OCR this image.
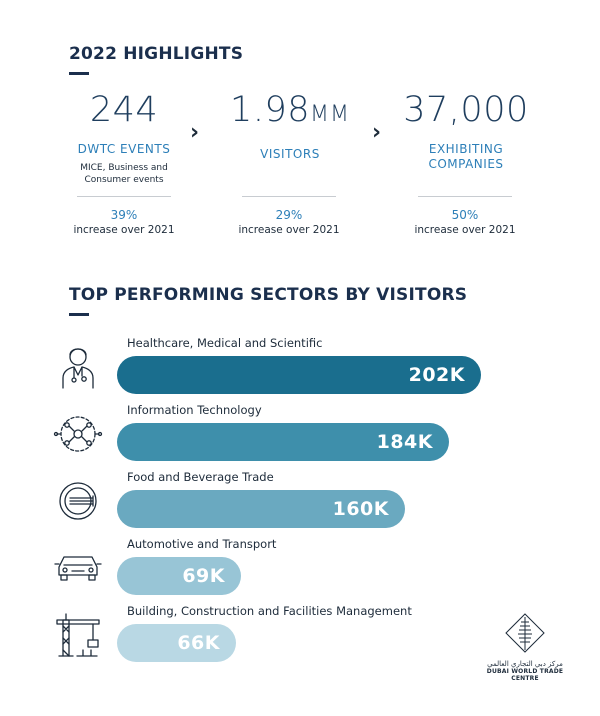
2022 HIGHLIGHTS
244
DWTC EVENTS
MICE, Business and Consumer events
39%
increase over 2021
›
1.98MM
VISITORS
29%
increase over 2021
›
37,000
EXHIBITING COMPANIES
50%
increase over 2021
TOP PERFORMING SECTORS BY VISITORS
Healthcare, Medical and Scientific
202K
Information Technology
184K
Food and Beverage Trade
160K
Automotive and Transport
69K
Building, Construction and Facilities Management
66K
مركز دبي التجاري العالمي
DUBAI WORLD TRADE CENTRE
